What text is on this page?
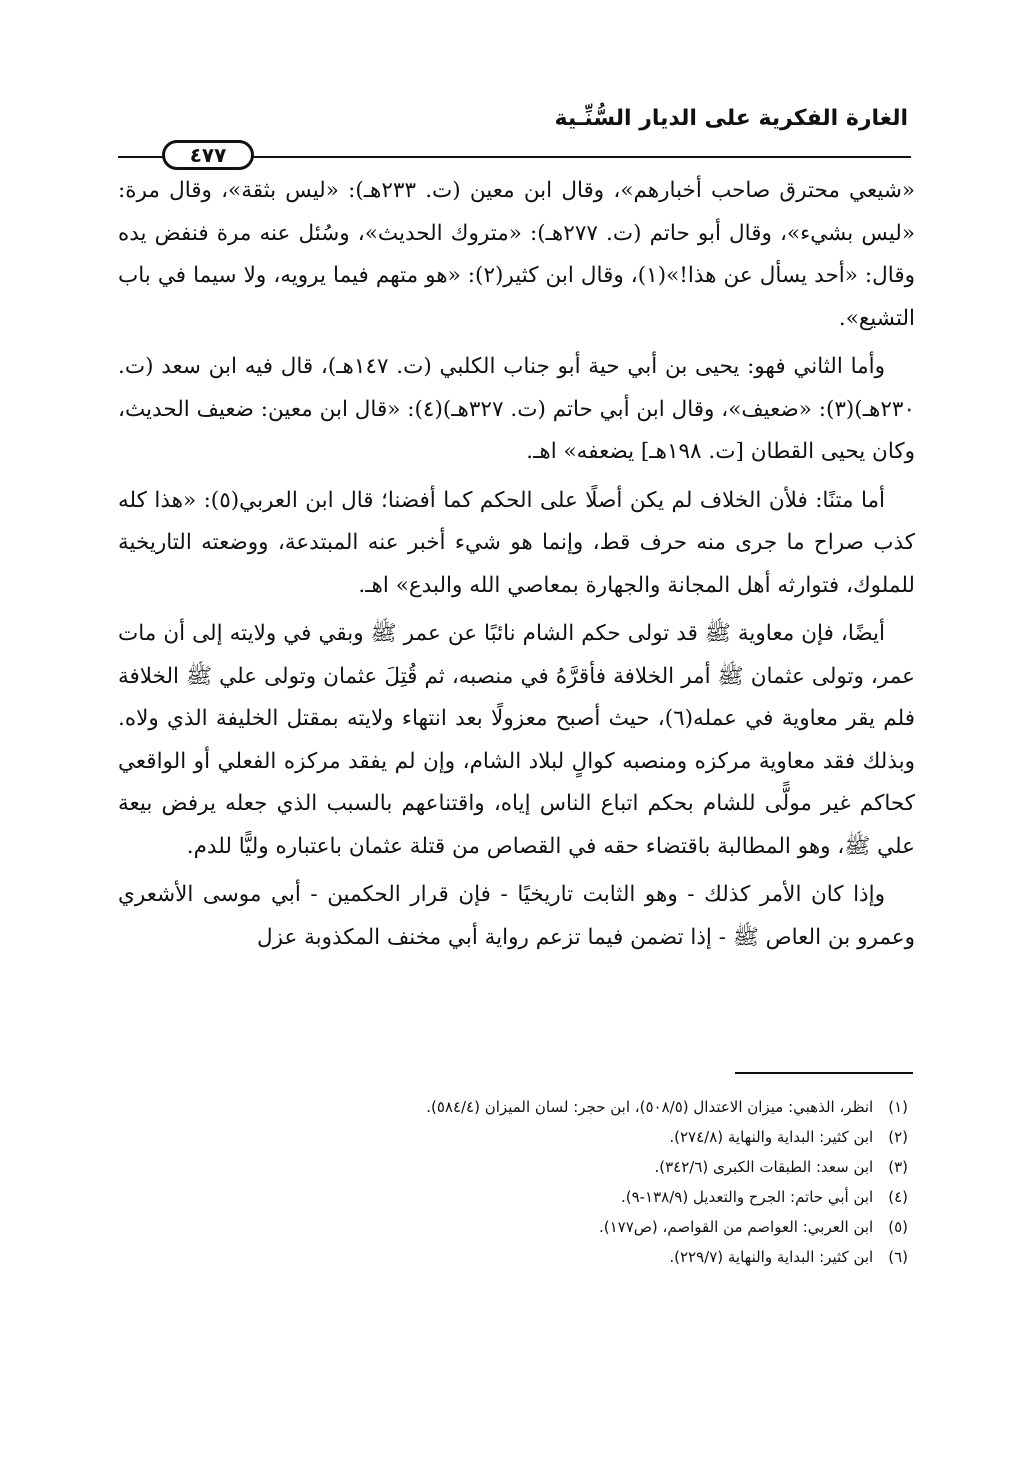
الغارة الفكرية على الديار السُّنِّـية
٤٧٧

«شيعي محترق صاحب أخبارهم»، وقال ابن معين (ت. ٢٣٣هـ): «ليس بثقة»، وقال مرة: «ليس بشيء»، وقال أبو حاتم (ت. ٢٧٧هـ): «متروك الحديث»، وسُئل عنه مرة فنفض يده وقال: «أحد يسأل عن هذا!»(١)، وقال ابن كثير(٢): «هو متهم فيما يرويه، ولا سيما في باب التشيع».

وأما الثاني فهو: يحيى بن أبي حية أبو جناب الكلبي (ت. ١٤٧هـ)، قال فيه ابن سعد (ت. ٢٣٠هـ)(٣): «ضعيف»، وقال ابن أبي حاتم (ت. ٣٢٧هـ)(٤): «قال ابن معين: ضعيف الحديث، وكان يحيى القطان [ت. ١٩٨هـ] يضعفه» اهـ.

أما متنًا: فلأن الخلاف لم يكن أصلًا على الحكم كما أفضنا؛ قال ابن العربي(٥): «هذا كله كذب صراح ما جرى منه حرف قط، وإنما هو شيء أخبر عنه المبتدعة، ووضعته التاريخية للملوك، فتوارثه أهل المجانة والجهارة بمعاصي الله والبدع» اهـ.

أيضًا، فإن معاوية ﷺ قد تولى حكم الشام نائبًا عن عمر ﷺ وبقي في ولايته إلى أن مات عمر، وتولى عثمان ﷺ أمر الخلافة فأقرَّهُ في منصبه، ثم قُتِلَ عثمان وتولى علي ﷺ الخلافة فلم يقر معاوية في عمله(٦)، حيث أصبح معزولًا بعد انتهاء ولايته بمقتل الخليفة الذي ولاه. وبذلك فقد معاوية مركزه ومنصبه كوالٍ لبلاد الشام، وإن لم يفقد مركزه الفعلي أو الواقعي كحاكم غير مولًّى للشام بحكم اتباع الناس إياه، واقتناعهم بالسبب الذي جعله يرفض بيعة علي ﷺ، وهو المطالبة باقتضاء حقه في القصاص من قتلة عثمان باعتباره وليًّا للدم.

وإذا كان الأمر كذلك - وهو الثابت تاريخيًا - فإن قرار الحكمين - أبي موسى الأشعري وعمرو بن العاص ﷺ - إذا تضمن فيما تزعم رواية أبي مخنف المكذوبة عزل

(١) انظر، الذهبي: ميزان الاعتدال (٥٠٨/٥)، ابن حجر: لسان الميزان (٥٨٤/٤).
(٢) ابن كثير: البداية والنهاية (٢٧٤/٨).
(٣) ابن سعد: الطبقات الكبرى (٣٤٢/٦).
(٤) ابن أبي حاتم: الجرح والتعديل (١٣٨/٩-٩).
(٥) ابن العربي: العواصم من القواصم، (ص١٧٧).
(٦) ابن كثير: البداية والنهاية (٢٢٩/٧).
